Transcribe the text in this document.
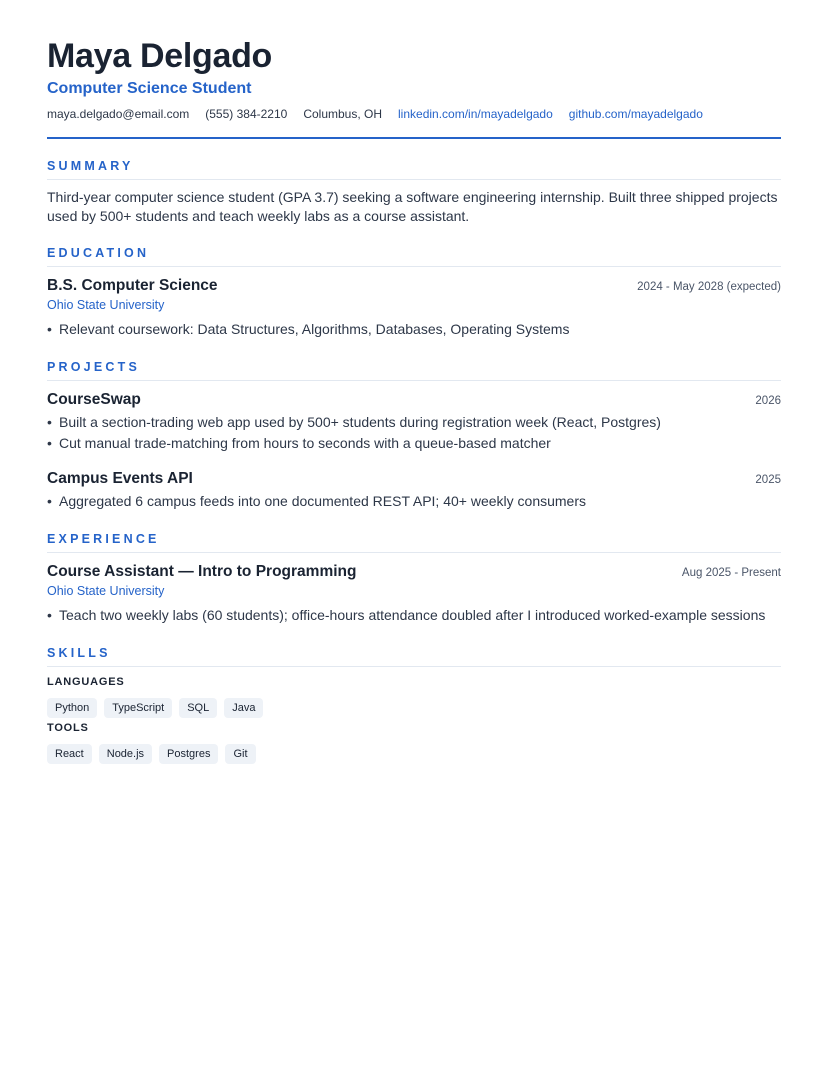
Maya Delgado
Computer Science Student
maya.delgado@email.com (555) 384-2210 Columbus, OH linkedin.com/in/mayadelgado github.com/mayadelgado
SUMMARY
Third-year computer science student (GPA 3.7) seeking a software engineering internship. Built three shipped projects used by 500+ students and teach weekly labs as a course assistant.
EDUCATION
B.S. Computer Science	2024 - May 2028 (expected)
Ohio State University
• Relevant coursework: Data Structures, Algorithms, Databases, Operating Systems
PROJECTS
CourseSwap	2026
• Built a section-trading web app used by 500+ students during registration week (React, Postgres)
• Cut manual trade-matching from hours to seconds with a queue-based matcher
Campus Events API	2025
• Aggregated 6 campus feeds into one documented REST API; 40+ weekly consumers
EXPERIENCE
Course Assistant — Intro to Programming	Aug 2025 - Present
Ohio State University
• Teach two weekly labs (60 students); office-hours attendance doubled after I introduced worked-example sessions
SKILLS
LANGUAGES
Python	TypeScript	SQL	Java
TOOLS
React	Node.js	Postgres	Git
